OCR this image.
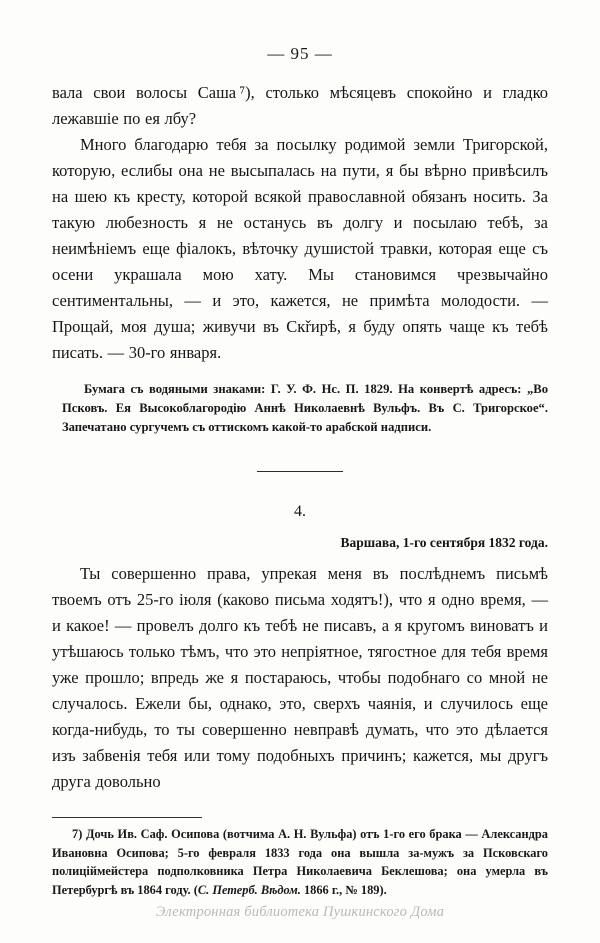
— 95 —

вала свои волосы Саша ⁷), столько мѣсяцевъ спокойно и гладко лежавшіе по ея лбу?

Много благодарю тебя за посылку родимой земли Тригорской, которую, еслибы она не высыпалась на пути, я бы вѣрно привѣсилъ на шею къ кресту, которой всякой православной обязанъ носить. За такую любезность я не останусь въ долгу и посылаю тебѣ, за неимѣніемъ еще фіалокъ, вѣточку душистой травки, которая еще съ осени украшала мою хату. Мы становимся чрезвычайно сентиментальны, — и это, кажется, не примѣта молодости. — Прощай, моя душа; живучи въ Скřирѣ, я буду опять чаще къ тебѣ писать. — 30-го января.

Бумага съ водяными знаками: Г. У. Ф. Нс. П. 1829. На конвертѣ адресъ: „Во Псковъ. Ея Высокоблагородію Аннѣ Николаевнѣ Вульфъ. Въ С. Тригорское“. Запечатано сургучемъ съ оттискомъ какой-то арабской надписи.

4.
Варшава, 1-го сентября 1832 года.

Ты совершенно права, упрекая меня въ послѣднемъ письмѣ твоемъ отъ 25-го іюля (каково письма ходятъ!), что я одно время, — и какое! — провелъ долго къ тебѣ не писавъ, а я кругомъ виноватъ и утѣшаюсь только тѣмъ, что это непріятное, тягостное для тебя время уже прошло; впредь же я постараюсь, чтобы подобнаго со мной не случалось. Ежели бы, однако, это, сверхъ чаянія, и случилось еще когда-нибудь, то ты совершенно невправѣ думать, что это дѣлается изъ забвенія тебя или тому подобныхъ причинъ; кажется, мы другъ друга довольно

7) Дочь Ив. Саф. Осипова (вотчима А. Н. Вульфа) отъ 1-го его брака — Александра Ивановна Осипова; 5-го февраля 1833 года она вышла за-мужъ за Псковскаго полиціймейстера подполковника Петра Николаевича Беклешова; она умерла въ Петербургѣ въ 1864 году. (С. Петерб. Вѣдом. 1866 г., № 189).

Электронная библиотека Пушкинского Дома
